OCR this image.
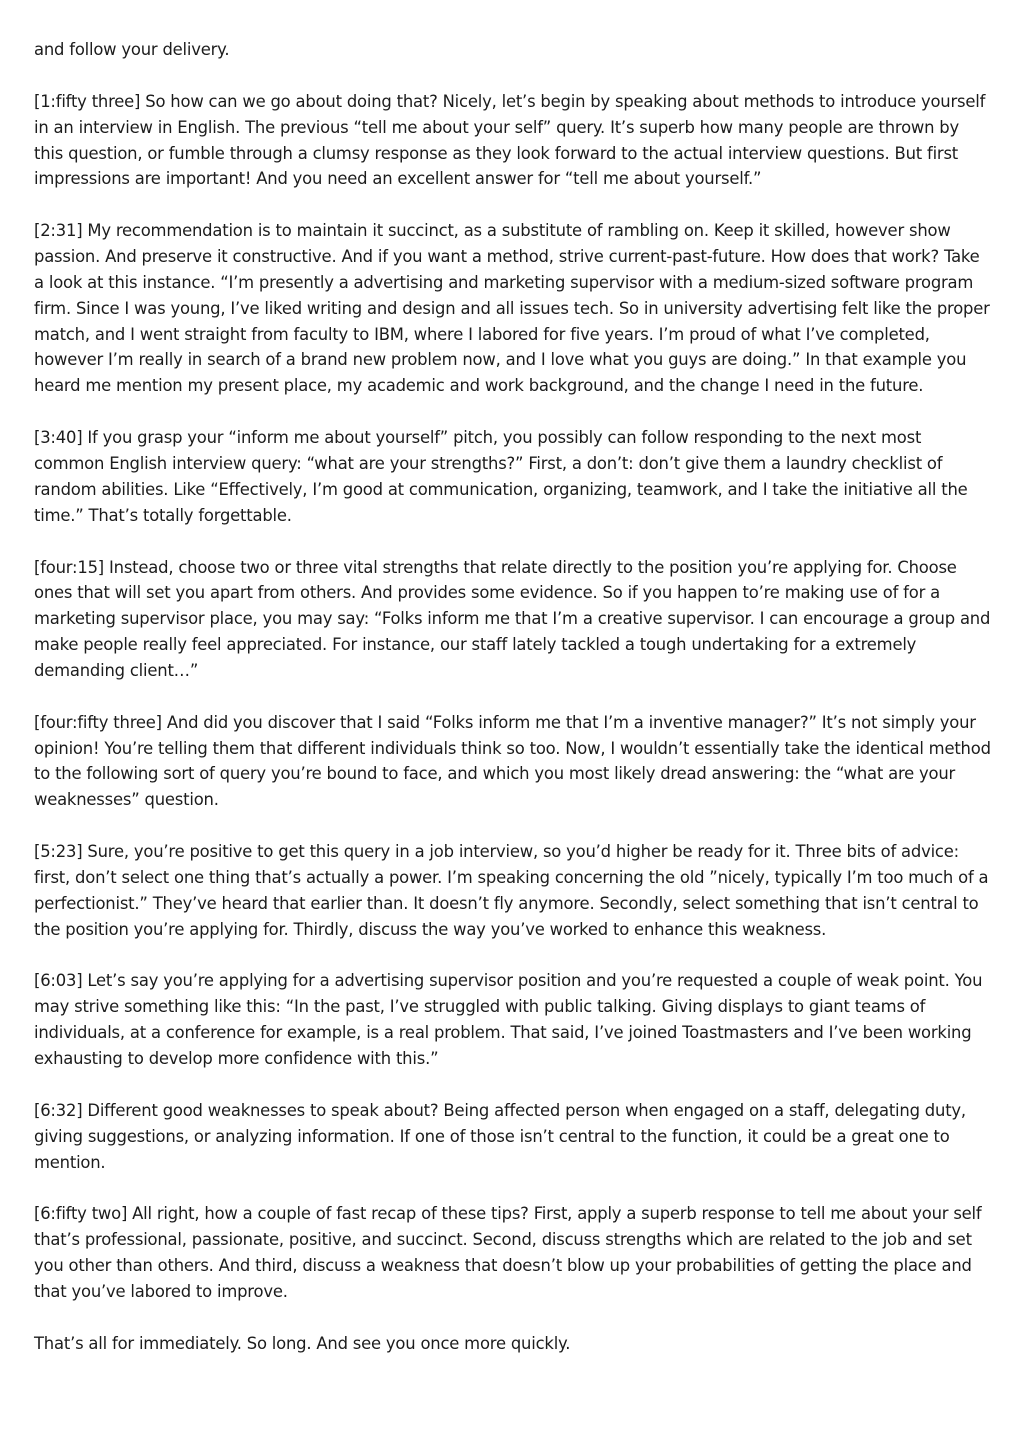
and follow your delivery.

[1:fifty three] So how can we go about doing that? Nicely, let’s begin by speaking about methods to introduce yourself in an interview in English. The previous “tell me about your self” query. It’s superb how many people are thrown by this question, or fumble through a clumsy response as they look forward to the actual interview questions. But first impressions are important! And you need an excellent answer for “tell me about yourself.”

[2:31] My recommendation is to maintain it succinct, as a substitute of rambling on. Keep it skilled, however show passion. And preserve it constructive. And if you want a method, strive current-past-future. How does that work? Take a look at this instance. “I’m presently a advertising and marketing supervisor with a medium-sized software program firm. Since I was young, I’ve liked writing and design and all issues tech. So in university advertising felt like the proper match, and I went straight from faculty to IBM, where I labored for five years. I’m proud of what I’ve completed, however I’m really in search of a brand new problem now, and I love what you guys are doing.” In that example you heard me mention my present place, my academic and work background, and the change I need in the future.

[3:40] If you grasp your “inform me about yourself” pitch, you possibly can follow responding to the next most common English interview query: “what are your strengths?” First, a don’t: don’t give them a laundry checklist of random abilities. Like “Effectively, I’m good at communication, organizing, teamwork, and I take the initiative all the time.” That’s totally forgettable.

[four:15] Instead, choose two or three vital strengths that relate directly to the position you’re applying for. Choose ones that will set you apart from others. And provides some evidence. So if you happen to’re making use of for a marketing supervisor place, you may say: “Folks inform me that I’m a creative supervisor. I can encourage a group and make people really feel appreciated. For instance, our staff lately tackled a tough undertaking for a extremely demanding client…”

[four:fifty three] And did you discover that I said “Folks inform me that I’m a inventive manager?” It’s not simply your opinion! You’re telling them that different individuals think so too. Now, I wouldn’t essentially take the identical method to the following sort of query you’re bound to face, and which you most likely dread answering: the “what are your weaknesses” question.

[5:23] Sure, you’re positive to get this query in a job interview, so you’d higher be ready for it. Three bits of advice: first, don’t select one thing that’s actually a power. I’m speaking concerning the old ”nicely, typically I’m too much of a perfectionist.” They’ve heard that earlier than. It doesn’t fly anymore. Secondly, select something that isn’t central to the position you’re applying for. Thirdly, discuss the way you’ve worked to enhance this weakness.

[6:03] Let’s say you’re applying for a advertising supervisor position and you’re requested a couple of weak point. You may strive something like this: “In the past, I’ve struggled with public talking. Giving displays to giant teams of individuals, at a conference for example, is a real problem. That said, I’ve joined Toastmasters and I’ve been working exhausting to develop more confidence with this.”

[6:32] Different good weaknesses to speak about? Being affected person when engaged on a staff, delegating duty, giving suggestions, or analyzing information. If one of those isn’t central to the function, it could be a great one to mention.

[6:fifty two] All right, how a couple of fast recap of these tips? First, apply a superb response to tell me about your self that’s professional, passionate, positive, and succinct. Second, discuss strengths which are related to the job and set you other than others. And third, discuss a weakness that doesn’t blow up your probabilities of getting the place and that you’ve labored to improve.

That’s all for immediately. So long. And see you once more quickly.
